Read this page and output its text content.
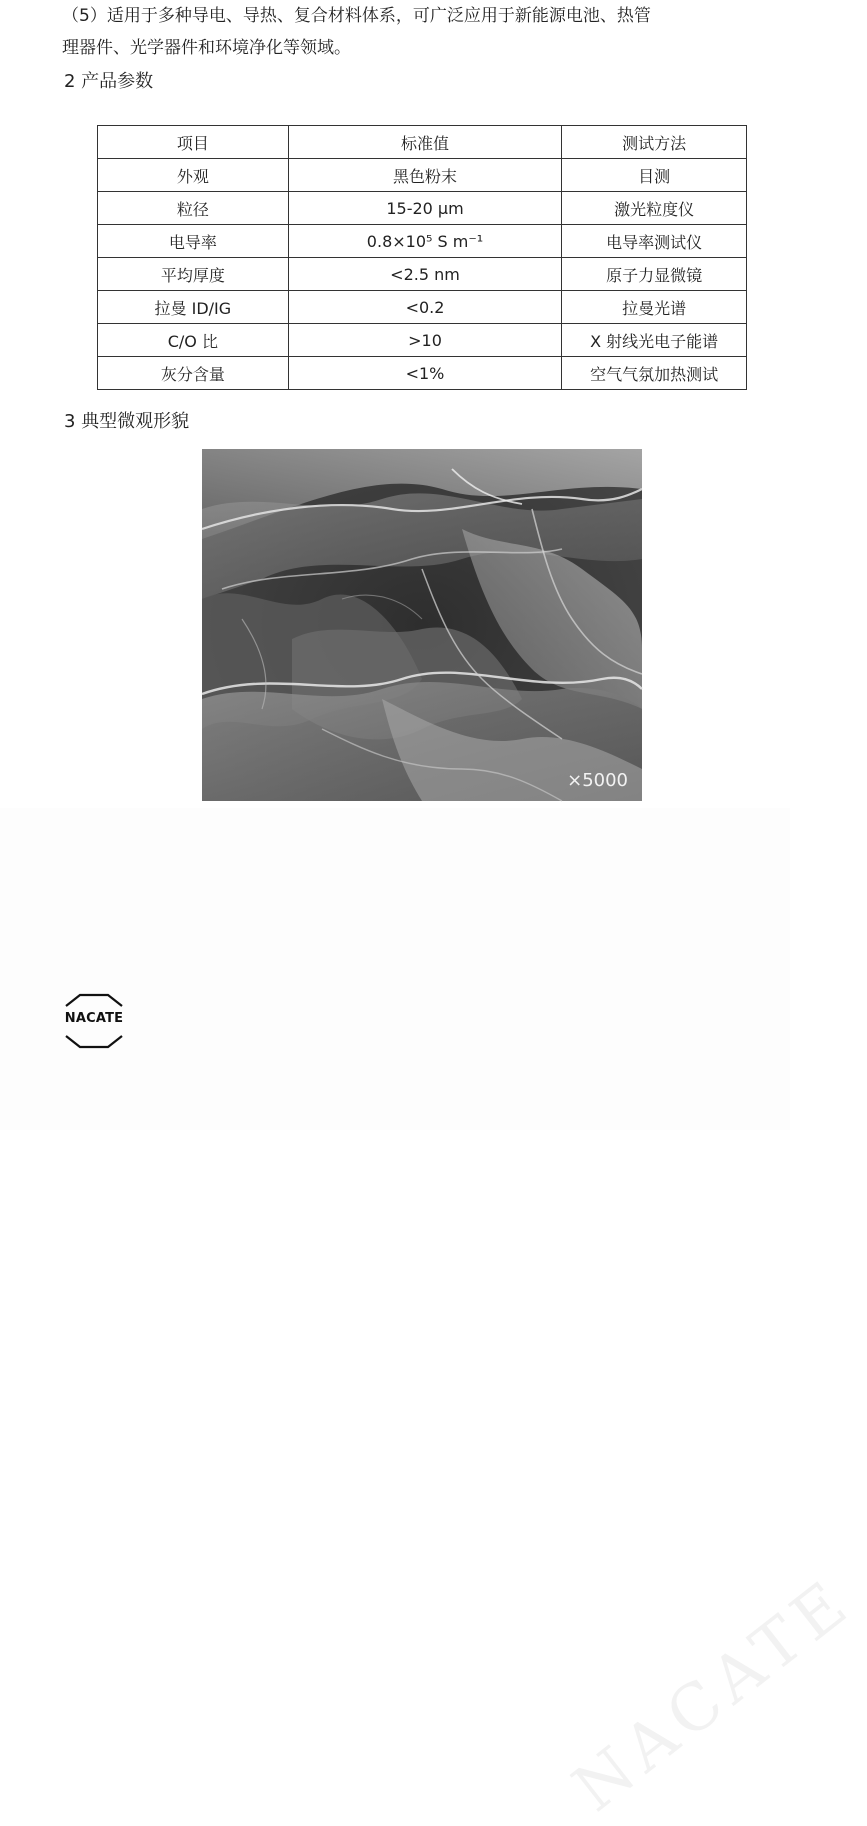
（5）适用于多种导电、导热、复合材料体系，可广泛应用于新能源电池、热管

理器件、光学器件和环境净化等领域。

2 产品参数
项目	标准值	测试方法
外观	黑色粉末	目测
粒径	15-20 μm	激光粒度仪
电导率	0.8×10⁵ S m⁻¹	电导率测试仪
平均厚度	<2.5 nm	原子力显微镜
拉曼 ID/IG	<0.2	拉曼光谱
C/O 比	>10	X 射线光电子能谱
灰分含量	<1%	空气气氛加热测试
3 典型微观形貌
×5000
NACATE
NACATE
